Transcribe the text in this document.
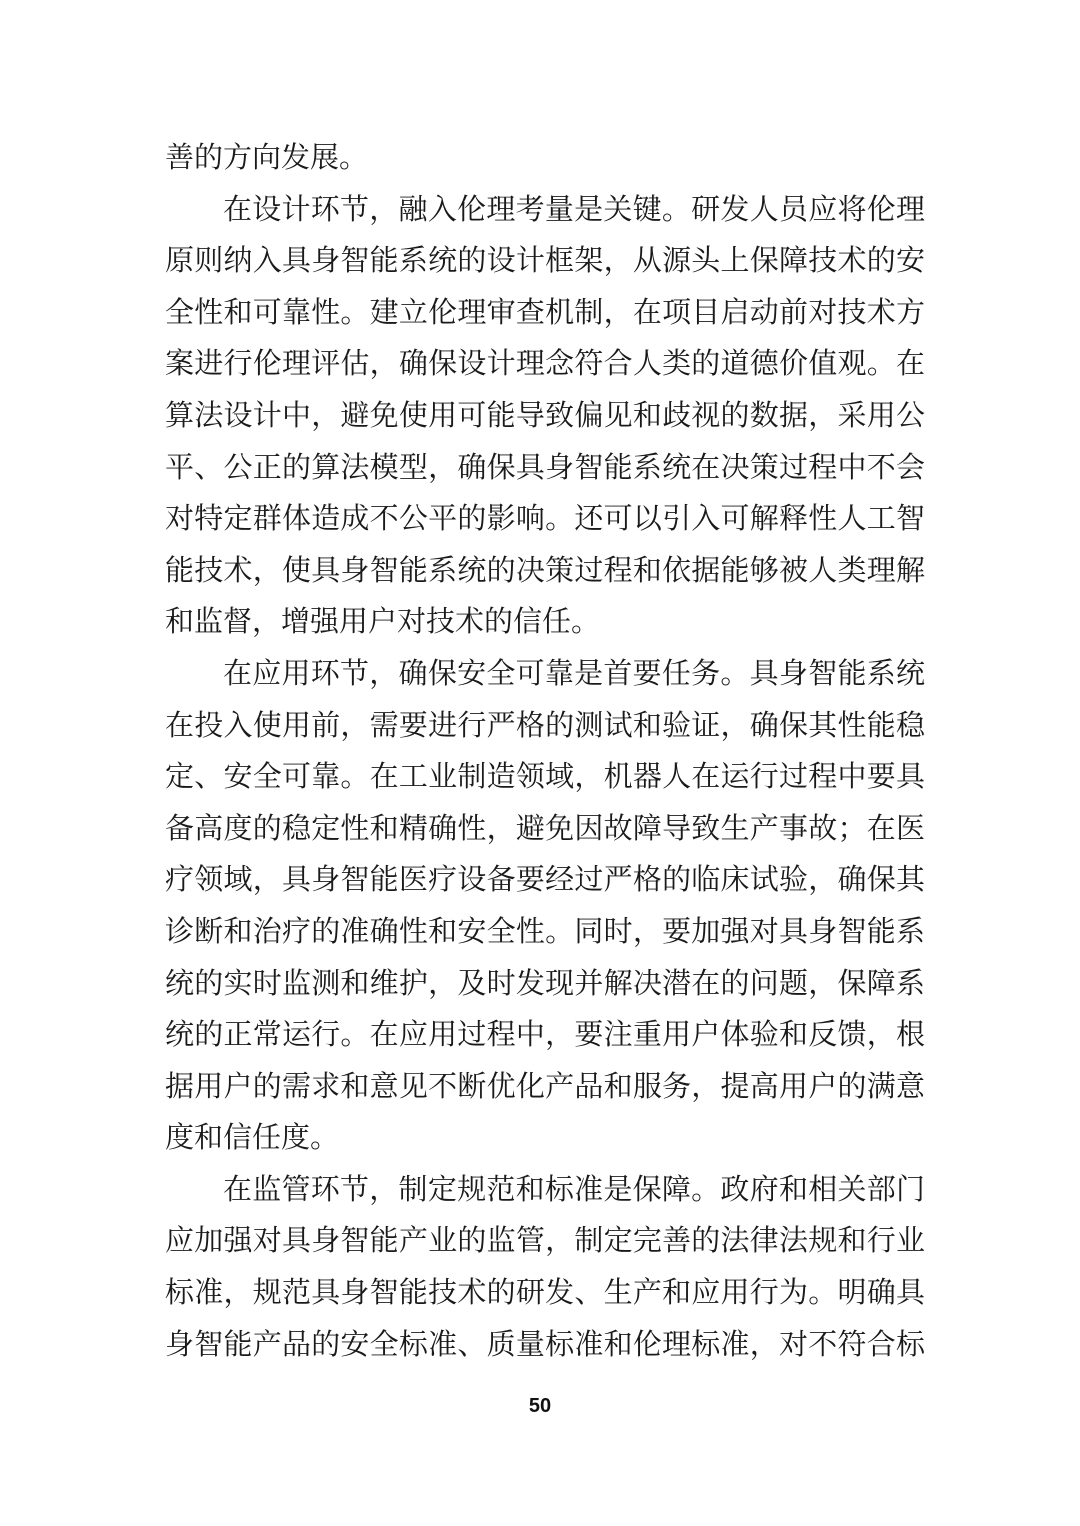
善的方向发展。
在设计环节，融入伦理考量是关键。研发人员应将伦理
原则纳入具身智能系统的设计框架，从源头上保障技术的安
全性和可靠性。建立伦理审查机制，在项目启动前对技术方
案进行伦理评估，确保设计理念符合人类的道德价值观。在
算法设计中，避免使用可能导致偏见和歧视的数据，采用公
平、公正的算法模型，确保具身智能系统在决策过程中不会
对特定群体造成不公平的影响。还可以引入可解释性人工智
能技术，使具身智能系统的决策过程和依据能够被人类理解
和监督，增强用户对技术的信任。
在应用环节，确保安全可靠是首要任务。具身智能系统
在投入使用前，需要进行严格的测试和验证，确保其性能稳
定、安全可靠。在工业制造领域，机器人在运行过程中要具
备高度的稳定性和精确性，避免因故障导致生产事故；在医
疗领域，具身智能医疗设备要经过严格的临床试验，确保其
诊断和治疗的准确性和安全性。同时，要加强对具身智能系
统的实时监测和维护，及时发现并解决潜在的问题，保障系
统的正常运行。在应用过程中，要注重用户体验和反馈，根
据用户的需求和意见不断优化产品和服务，提高用户的满意
度和信任度。
在监管环节，制定规范和标准是保障。政府和相关部门
应加强对具身智能产业的监管，制定完善的法律法规和行业
标准，规范具身智能技术的研发、生产和应用行为。明确具
身智能产品的安全标准、质量标准和伦理标准，对不符合标
50
